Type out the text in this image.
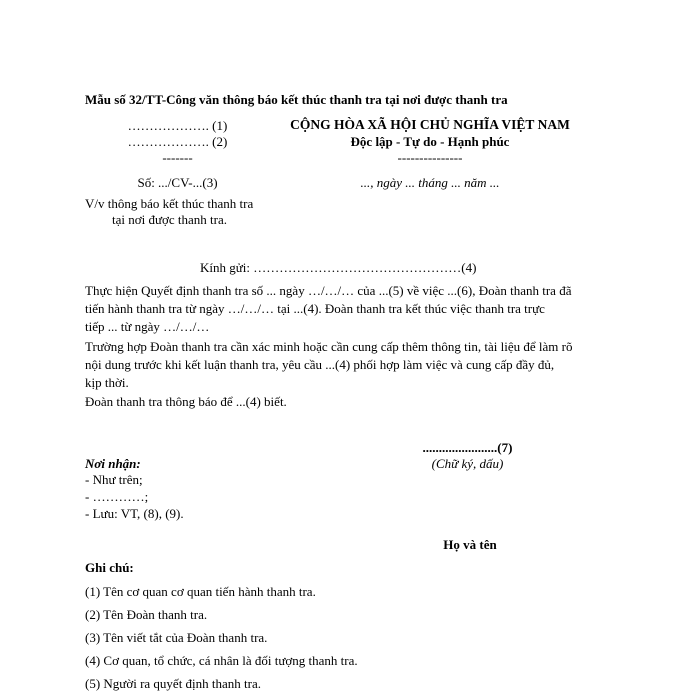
Mẫu số 32/TT-Công văn thông báo kết thúc thanh tra tại nơi được thanh tra
………………. (1)
………………. (2)
-------
CỘNG HÒA XÃ HỘI CHỦ NGHĨA VIỆT NAM
Độc lập - Tự do - Hạnh phúc
---------------
Số: .../CV-...(3)	..., ngày ... tháng ... năm ...
V/v thông báo kết thúc thanh tra
tại nơi được thanh tra.
Kính gửi: …………………………………………(4)
Thực hiện Quyết định thanh tra số ... ngày …/…/… của ...(5) về việc ...(6), Đoàn thanh tra đã
tiến hành thanh tra từ ngày …/…/… tại ...(4). Đoàn thanh tra kết thúc việc thanh tra trực
tiếp ... từ ngày …/…/…
Trường hợp Đoàn thanh tra cần xác minh hoặc cần cung cấp thêm thông tin, tài liệu để làm rõ
nội dung trước khi kết luận thanh tra, yêu cầu ...(4) phối hợp làm việc và cung cấp đầy đủ,
kịp thời.
Đoàn thanh tra thông báo để ...(4) biết.
.......................(7)
(Chữ ký, dấu)
Nơi nhận:
- Như trên;
- …………;
- Lưu: VT, (8), (9).
Họ và tên
Ghi chú:
(1) Tên cơ quan cơ quan tiến hành thanh tra.
(2) Tên Đoàn thanh tra.
(3) Tên viết tắt của Đoàn thanh tra.
(4) Cơ quan, tổ chức, cá nhân là đối tượng thanh tra.
(5) Người ra quyết định thanh tra.
